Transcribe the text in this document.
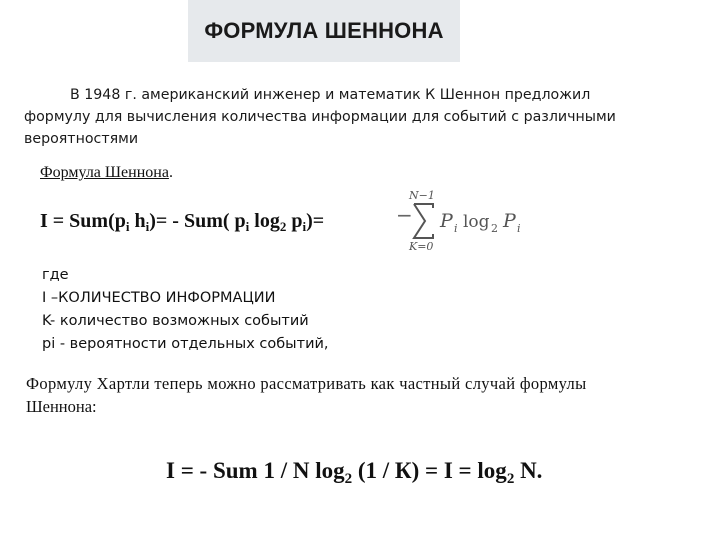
ФОРМУЛА ШЕННОНА

В 1948 г. американский инженер и математик К Шеннон предложил
формулу для вычисления количества информации для событий с различными
вероятностями

Формула Шеннона.
$I = Sum(p_i$ $h_i)= - Sum$( $p_i$ $\log_2 p_i)=$	−
N−1
K=0
P i log 2 P i
где
I –КОЛИЧЕСТВО ИНФОРМАЦИИ
K- количество возможных событий
pi - вероятности отдельных событий,

Формулу Хартли теперь можно рассматривать как частный случай формулы
Шеннона:

I = - Sum 1 / N $\log_2 (1 / К) = I = \log_2 N$.
